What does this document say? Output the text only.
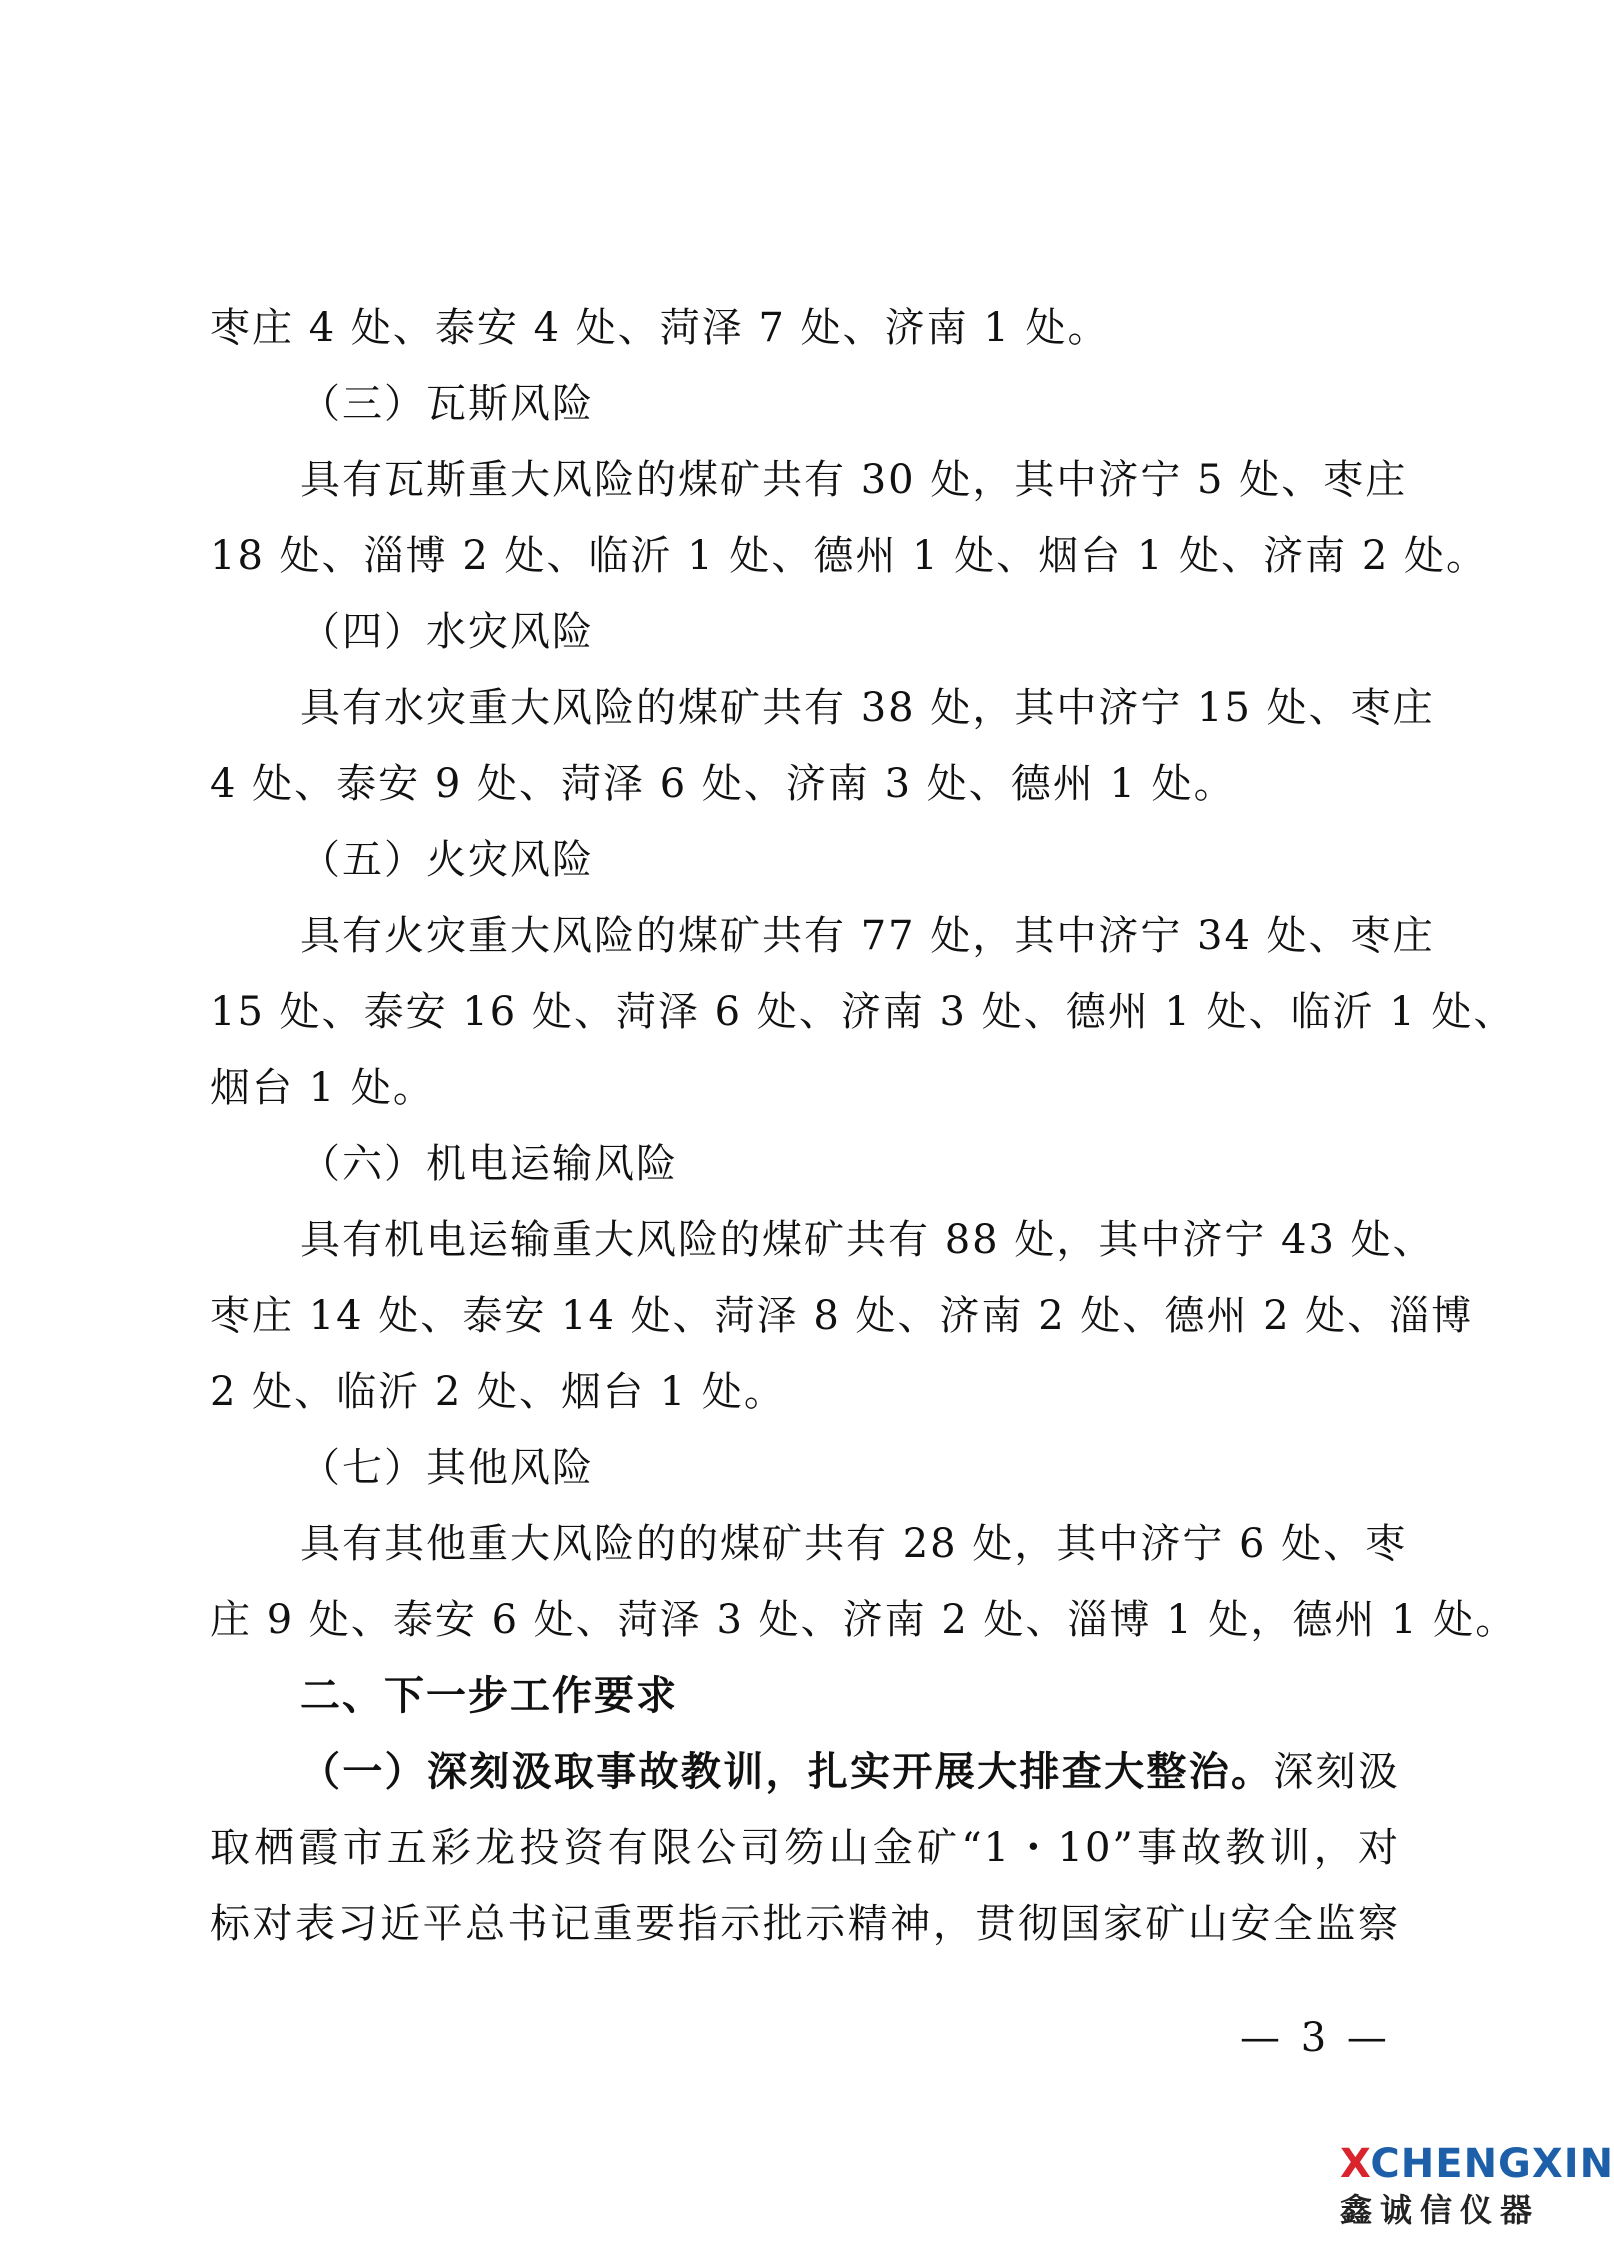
枣庄 4 处、泰安 4 处、菏泽 7 处、济南 1 处。
（三）瓦斯风险
具有瓦斯重大风险的煤矿共有 30 处，其中济宁 5 处、枣庄
18 处、淄博 2 处、临沂 1 处、德州 1 处、烟台 1 处、济南 2 处。
（四）水灾风险
具有水灾重大风险的煤矿共有 38 处，其中济宁 15 处、枣庄
4 处、泰安 9 处、菏泽 6 处、济南 3 处、德州 1 处。
（五）火灾风险
具有火灾重大风险的煤矿共有 77 处，其中济宁 34 处、枣庄
15 处、泰安 16 处、菏泽 6 处、济南 3 处、德州 1 处、临沂 1 处、
烟台 1 处。
（六）机电运输风险
具有机电运输重大风险的煤矿共有 88 处，其中济宁 43 处、
枣庄 14 处、泰安 14 处、菏泽 8 处、济南 2 处、德州 2 处、淄博
2 处、临沂 2 处、烟台 1 处。
（七）其他风险
具有其他重大风险的的煤矿共有 28 处，其中济宁 6 处、枣
庄 9 处、泰安 6 处、菏泽 3 处、济南 2 处、淄博 1 处，德州 1 处。
二、下一步工作要求
（一）深刻汲取事故教训，扎实开展大排查大整治。深刻汲
取栖霞市五彩龙投资有限公司笏山金矿“1・10”事故教训，对
标对表习近平总书记重要指示批示精神，贯彻国家矿山安全监察
— 3 —
XCHENGXIN
鑫诚信仪器
